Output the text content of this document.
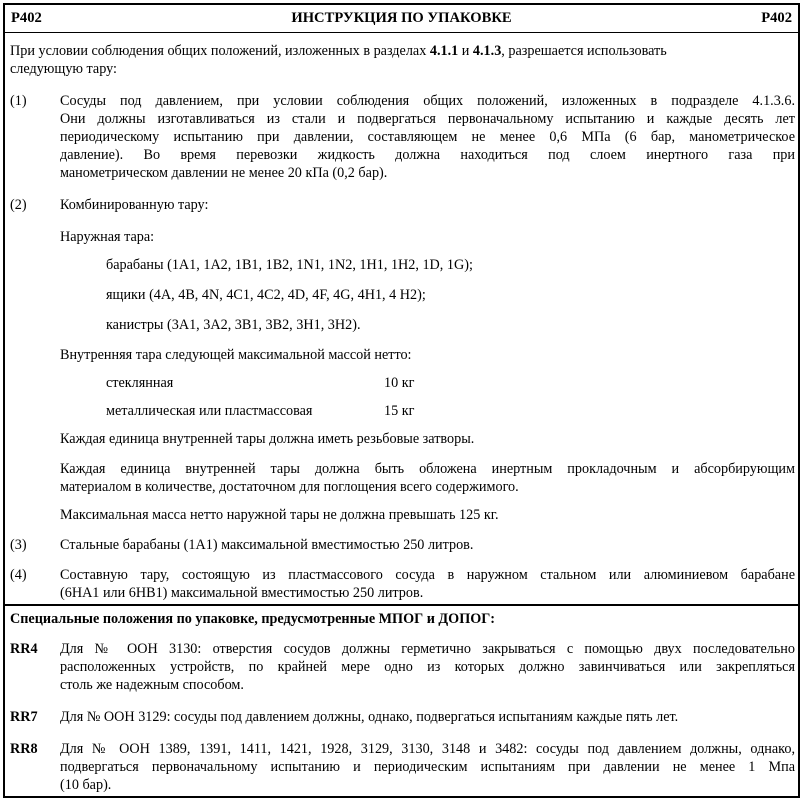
P402	ИНСТРУКЦИЯ ПО УПАКОВКЕ	P402
При условии соблюдения общих положений, изложенных в разделах 4.1.1 и 4.1.3, разрешается использовать
следующую тару:
(1) Сосуды под давлением, при условии соблюдения общих положений, изложенных в подразделе 4.1.3.6.
Они должны изготавливаться из стали и подвергаться первоначальному испытанию и каждые десять лет
периодическому испытанию при давлении, составляющем не менее 0,6 МПа (6 бар, манометрическое
давление). Во время перевозки жидкость должна находиться под слоем инертного газа при
манометрическом давлении не менее 20 кПа (0,2 бар).
(2) Комбинированную тару:
Наружная тара:
барабаны (1A1, 1A2, 1B1, 1B2, 1N1, 1N2, 1H1, 1H2, 1D, 1G);
ящики (4A, 4B, 4N, 4C1, 4C2, 4D, 4F, 4G, 4H1, 4 H2);
канистры (3A1, 3A2, 3B1, 3B2, 3H1, 3H2).
Внутренняя тара следующей максимальной массой нетто:
стеклянная	10 кг
металлическая или пластмассовая	15 кг
Каждая единица внутренней тары должна иметь резьбовые затворы.
Каждая единица внутренней тары должна быть обложена инертным прокладочным и абсорбирующим
материалом в количестве, достаточном для поглощения всего содержимого.
Максимальная масса нетто наружной тары не должна превышать 125 кг.
(3) Стальные барабаны (1A1) максимальной вместимостью 250 литров.
(4) Составную тару, состоящую из пластмассового сосуда в наружном стальном или алюминиевом барабане
(6HA1 или 6HB1) максимальной вместимостью 250 литров.
Специальные положения по упаковке, предусмотренные МПОГ и ДОПОГ:
RR4 Для № ООН 3130: отверстия сосудов должны герметично закрываться с помощью двух последовательно
расположенных устройств, по крайней мере одно из которых должно завинчиваться или закрепляться
столь же надежным способом.
RR7 Для № ООН 3129: сосуды под давлением должны, однако, подвергаться испытаниям каждые пять лет.
RR8 Для № ООН 1389, 1391, 1411, 1421, 1928, 3129, 3130, 3148 и 3482: сосуды под давлением должны, однако,
подвергаться первоначальному испытанию и периодическим испытаниям при давлении не менее 1 Мпа
(10 бар).
